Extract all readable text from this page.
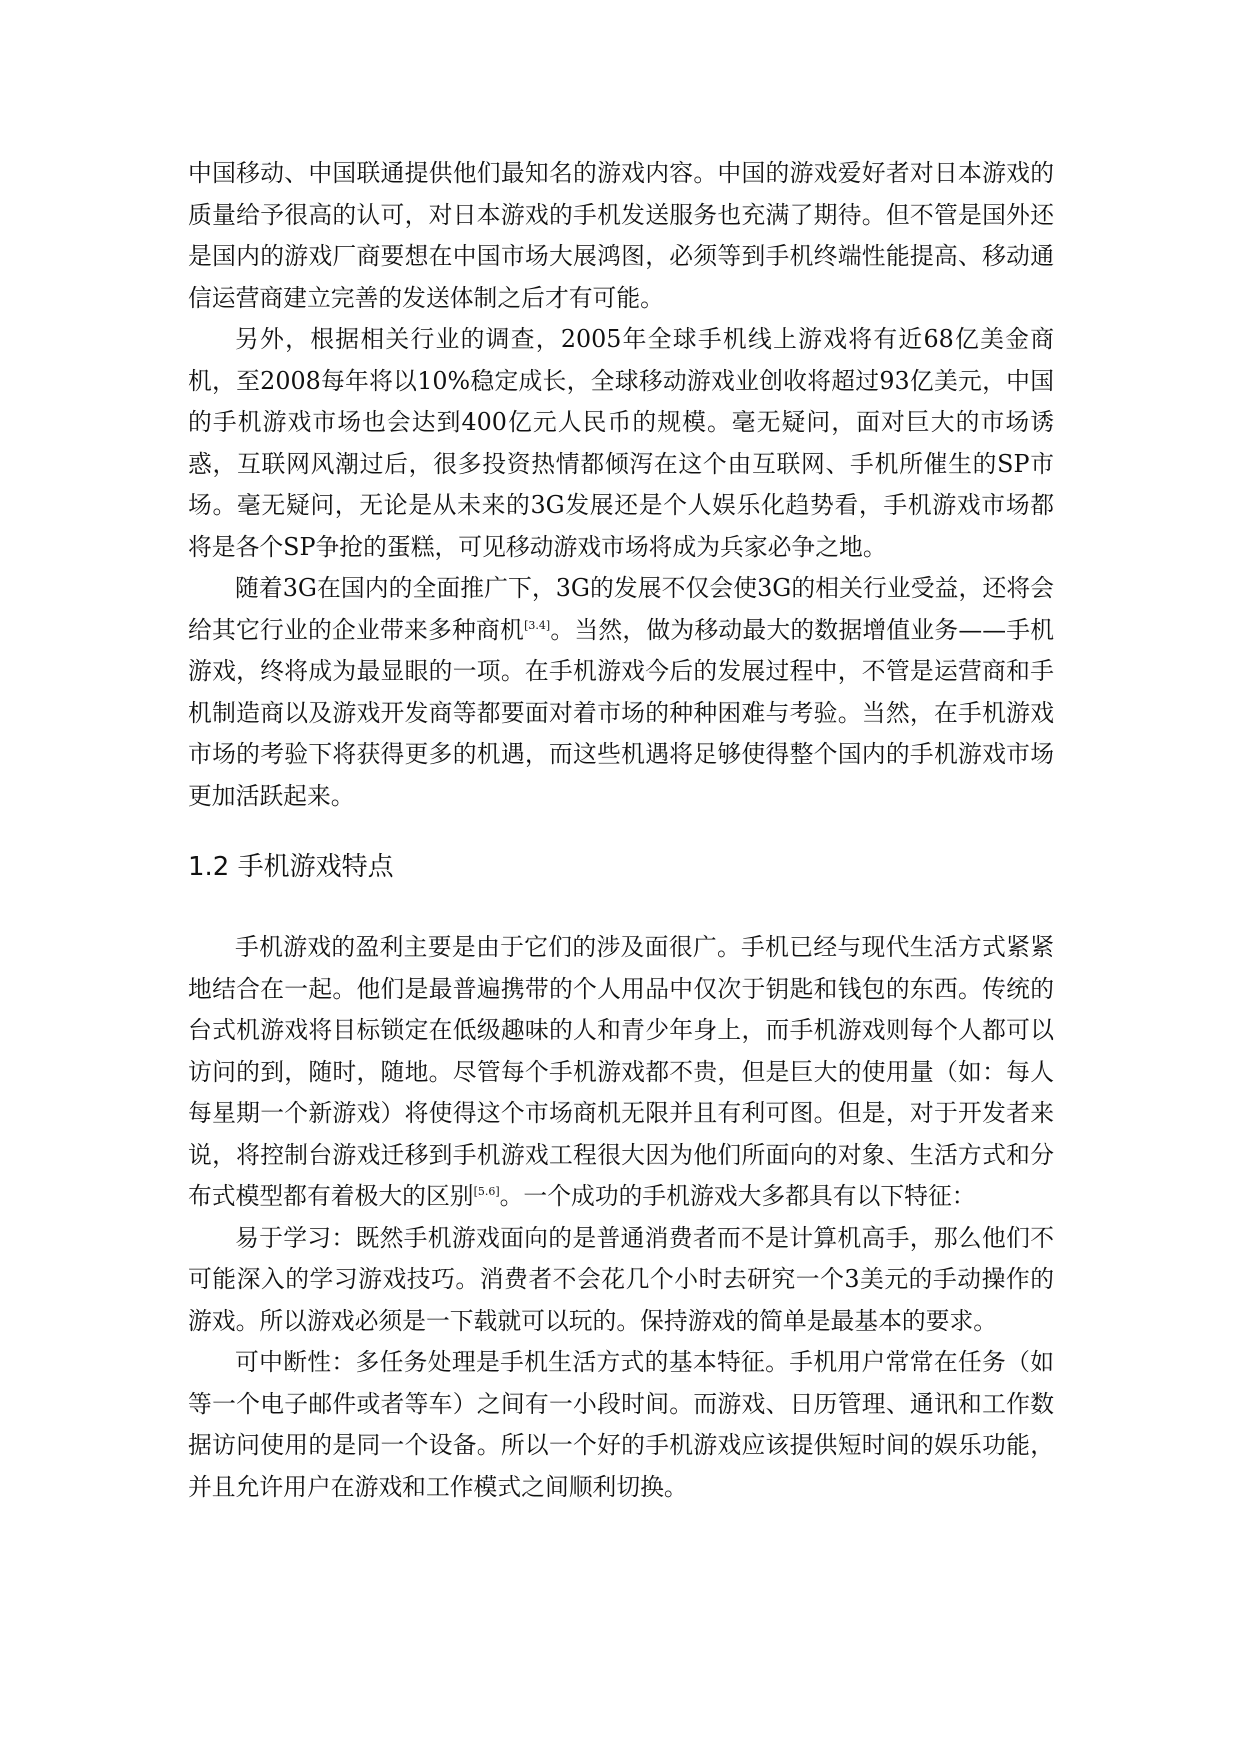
中国移动、中国联通提供他们最知名的游戏内容。中国的游戏爱好者对日本游戏的质量给予很高的认可，对日本游戏的手机发送服务也充满了期待。但不管是国外还是国内的游戏厂商要想在中国市场大展鸿图，必须等到手机终端性能提高、移动通信运营商建立完善的发送体制之后才有可能。

另外，根据相关行业的调查，2005年全球手机线上游戏将有近68亿美金商机，至2008每年将以10%稳定成长，全球移动游戏业创收将超过93亿美元，中国的手机游戏市场也会达到400亿元人民币的规模。毫无疑问，面对巨大的市场诱惑，互联网风潮过后，很多投资热情都倾泻在这个由互联网、手机所催生的SP市场。毫无疑问，无论是从未来的3G发展还是个人娱乐化趋势看，手机游戏市场都将是各个SP争抢的蛋糕，可见移动游戏市场将成为兵家必争之地。

随着3G在国内的全面推广下，3G的发展不仅会使3G的相关行业受益，还将会给其它行业的企业带来多种商机[3.4]。当然，做为移动最大的数据增值业务——手机游戏，终将成为最显眼的一项。在手机游戏今后的发展过程中，不管是运营商和手机制造商以及游戏开发商等都要面对着市场的种种困难与考验。当然，在手机游戏市场的考验下将获得更多的机遇，而这些机遇将足够使得整个国内的手机游戏市场更加活跃起来。

1.2 手机游戏特点

手机游戏的盈利主要是由于它们的涉及面很广。手机已经与现代生活方式紧紧地结合在一起。他们是最普遍携带的个人用品中仅次于钥匙和钱包的东西。传统的台式机游戏将目标锁定在低级趣味的人和青少年身上，而手机游戏则每个人都可以访问的到，随时，随地。尽管每个手机游戏都不贵，但是巨大的使用量（如：每人每星期一个新游戏）将使得这个市场商机无限并且有利可图。但是，对于开发者来说，将控制台游戏迁移到手机游戏工程很大因为他们所面向的对象、生活方式和分布式模型都有着极大的区别[5.6]。一个成功的手机游戏大多都具有以下特征：

易于学习：既然手机游戏面向的是普通消费者而不是计算机高手，那么他们不可能深入的学习游戏技巧。消费者不会花几个小时去研究一个3美元的手动操作的游戏。所以游戏必须是一下载就可以玩的。保持游戏的简单是最基本的要求。

可中断性：多任务处理是手机生活方式的基本特征。手机用户常常在任务（如等一个电子邮件或者等车）之间有一小段时间。而游戏、日历管理、通讯和工作数据访问使用的是同一个设备。所以一个好的手机游戏应该提供短时间的娱乐功能，并且允许用户在游戏和工作模式之间顺利切换。
